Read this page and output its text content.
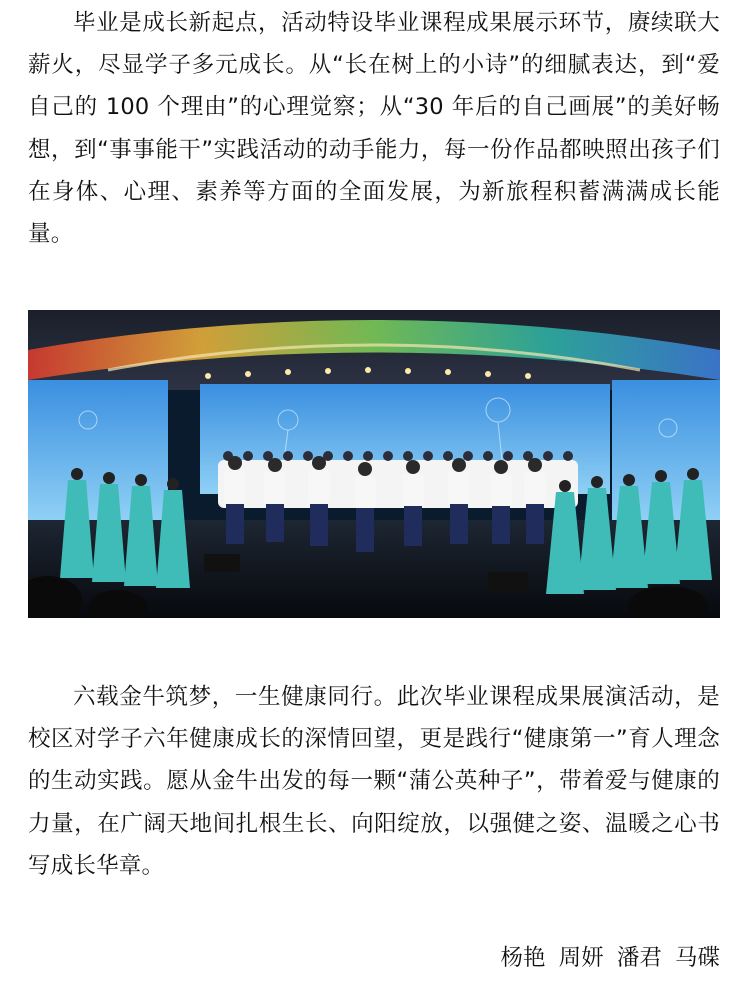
毕业是成长新起点，活动特设毕业课程成果展示环节，赓续联大薪火，尽显学子多元成长。从“长在树上的小诗”的细腻表达，到“爱自己的 100 个理由”的心理觉察；从“30 年后的自己画展”的美好畅想，到“事事能干”实践活动的动手能力，每一份作品都映照出孩子们在身体、心理、素养等方面的全面发展，为新旅程积蓄满满成长能量。

六载金牛筑梦，一生健康同行。此次毕业课程成果展演活动，是校区对学子六年健康成长的深情回望，更是践行“健康第一”育人理念的生动实践。愿从金牛出发的每一颗“蒲公英种子”，带着爱与健康的力量，在广阔天地间扎根生长、向阳绽放，以强健之姿、温暖之心书写成长华章。

杨艳 周妍 潘君 马碟
